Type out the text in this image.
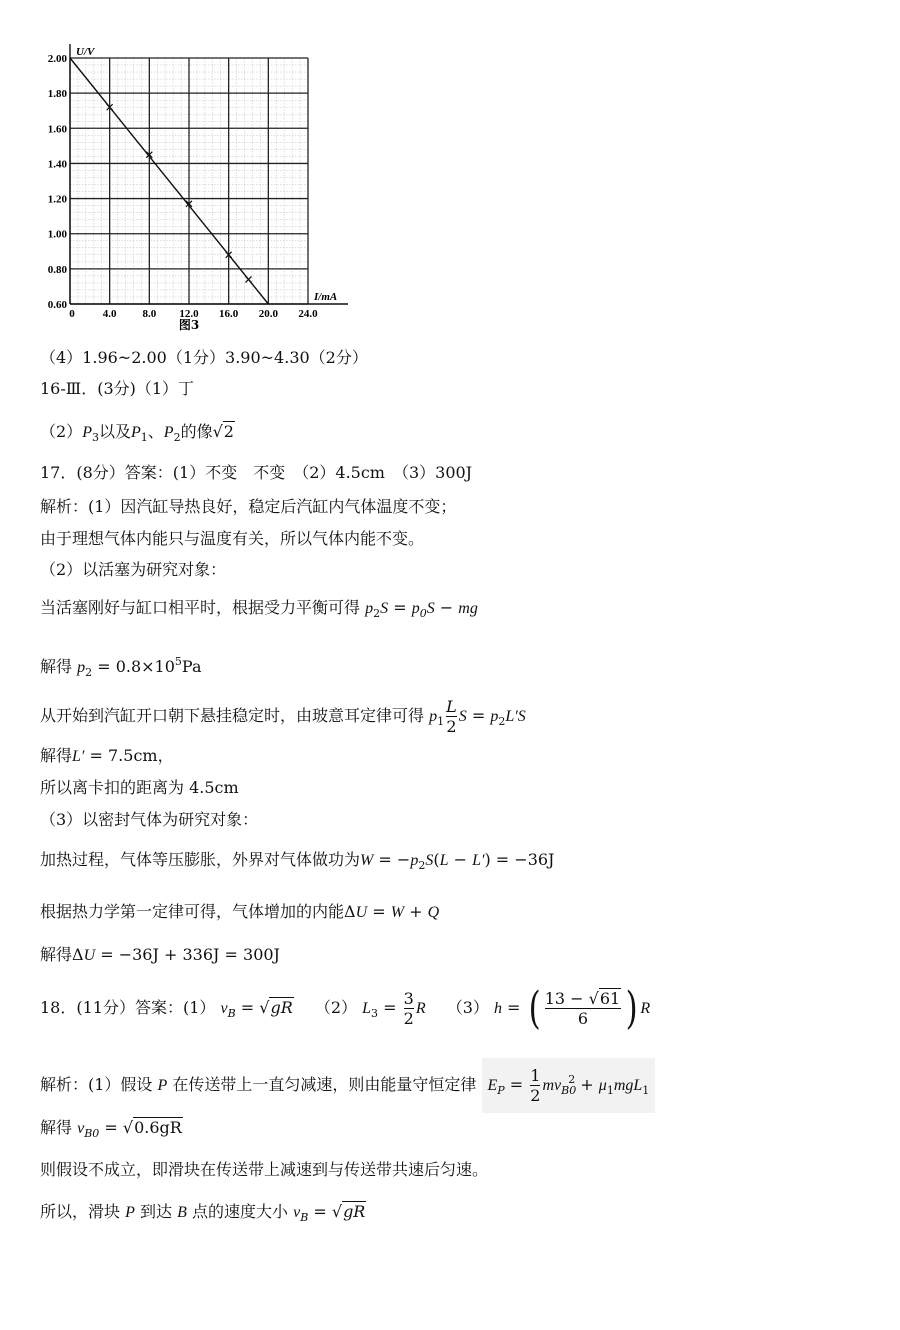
0.60
0.80
1.00
1.20
1.40
1.60
1.80
2.00
0	4.0 8.0 12.0 16.0 20.0 24.0
U/V
I/mA
图3
（4）1.96~2.00（1分）3.90~4.30（2分）
16-Ⅲ．(3分)（1）丁
$(2)P_3$以及$P_1$、$P_2$的像√2
17．(8分）答案：(1）不变　不变　（2）4.5cm　（3）300J
解析：(1）因汽缸导热良好，稳定后汽缸内气体温度不变；
由于理想气体内能只与温度有关，所以气体内能不变。
（2）以活塞为研究对象：
当活塞刚好与缸口相平时，根据受力平衡可得 $p_2S = p_0S$ − mg
解得 $p_2 = 0.8\times 10^5Pa$
从开始到汽缸开口朝下悬挂稳定时，由玻意耳定律可得 $p_1 \frac{L}{2}$ $S = p_2L'S$
解得L′ = 7.5cm，
所以离卡扣的距离为 4.5cm
（3）以密封气体为研究对象：
加热过程，气体等压膨胀，外界对气体做功为$W = -p_2S(L - L') = -36J$
根据热力学第一定律可得，气体增加的内能ΔU = W + Q
解得ΔU = −36J + 336J = 300J
18．(11分）答案：(1） $v_B = √gR$　 （2） $L_3 = \frac{3}{2}$ R　 （3） h = ( $\frac{13 - √61}{6}$ ) R
解析：(1）假设 P 在传送带上一直匀减速，则由能量守恒定律 $E_P = \frac{1}{2} mv_{B0}^2 + \mu_1mgL_1$
解得 $v_{B0} = √0.6gR$
则假设不成立，即滑块在传送带上减速到与传送带共速后匀速。
所以，滑块 P 到达 B 点的速度大小 $v_B = √gR$
